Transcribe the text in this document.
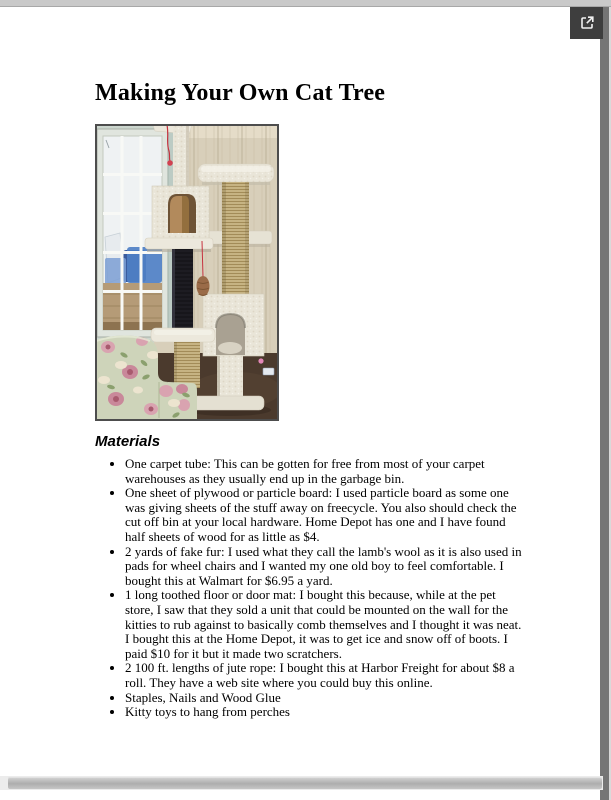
Making Your Own Cat Tree
Materials
• One carpet tube: This can be gotten for free from most of your carpet warehouses as they usually end up in the garbage bin.
• One sheet of plywood or particle board: I used particle board as some one was giving sheets of the stuff away on freecycle. You also should check the cut off bin at your local hardware. Home Depot has one and I have found half sheets of wood for as little as $4.
• 2 yards of fake fur: I used what they call the lamb's wool as it is also used in pads for wheel chairs and I wanted my one old boy to feel comfortable. I bought this at Walmart for $6.95 a yard.
• 1 long toothed floor or door mat: I bought this because, while at the pet store, I saw that they sold a unit that could be mounted on the wall for the kitties to rub against to basically comb themselves and I thought it was neat. I bought this at the Home Depot, it was to get ice and snow off of boots. I paid $10 for it but it made two scratchers.
• 2 100 ft. lengths of jute rope: I bought this at Harbor Freight for about $8 a roll. They have a web site where you could buy this online.
• Staples, Nails and Wood Glue
• Kitty toys to hang from perches
